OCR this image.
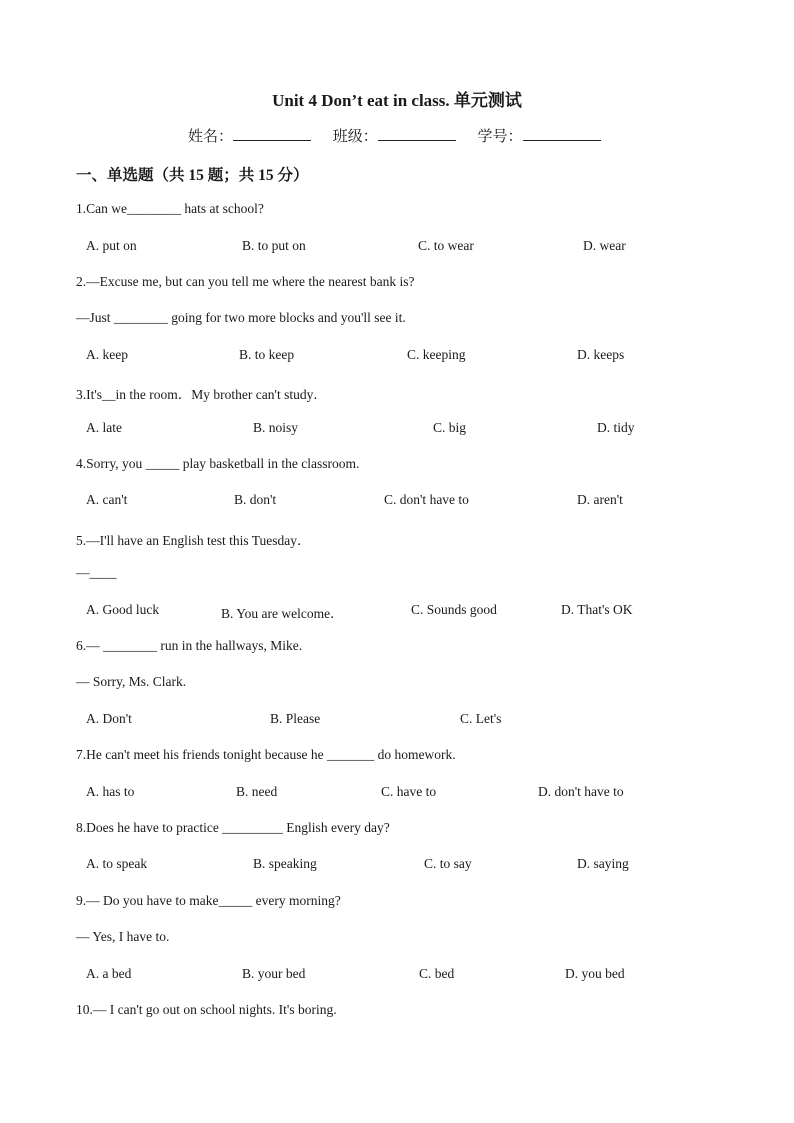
Unit 4 Don’t eat in class. 单元测试
姓名：	班级：	学号：
一、单选题（共 15 题；共 15 分）
1.Can we________ hats at school?
A. put on	B. to put on	C. to wear	D. wear
2.—Excuse me, but can you tell me where the nearest bank is?
—Just ________ going for two more blocks and you'll see it.
A. keep	B. to keep	C. keeping	D. keeps
3.It's__in the room．My brother can't study．
A. late	B. noisy	C. big	D. tidy
4.Sorry, you _____ play basketball in the classroom.
A. can't	B. don't	C. don't have to	D. aren't
5.—I'll have an English test this Tuesday．
—____
A. Good luck	B. You are welcome．	C. Sounds good	D. That's OK
6.— ________ run in the hallways, Mike.
— Sorry, Ms. Clark.
A. Don't	B. Please	C. Let's
7.He can't meet his friends tonight because he _______ do homework.
A. has to	B. need	C. have to	D. don't have to
8.Does he have to practice _________ English every day?
A. to speak	B. speaking	C. to say	D. saying
9.— Do you have to make_____ every morning?
— Yes, I have to.
A. a bed	B. your bed	C. bed	D. you bed
10.— I can't go out on school nights. It's boring.
